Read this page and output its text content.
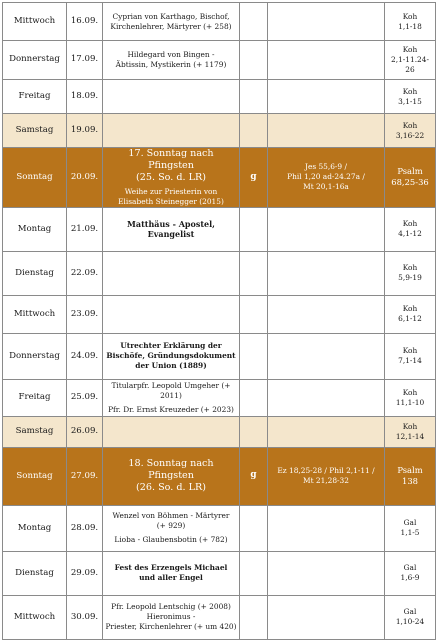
Mittwoch	16.09.	Cyprian von Karthago, Bischof,
Kirchenlehrer, Märtyrer (+ 258)			Koh
1,1-18
Donnerstag	17.09.	Hildegard von Bingen -
Äbtissin, Mystikerin (+ 1179)			Koh
2,1-11.24-26
Freitag	18.09.				Koh
3,1-15
Samstag	19.09.				Koh
3,16-22
Sonntag	20.09.	17. Sonntag nach Pfingsten
(25. So. d. LR)
Weihe zur Priesterin von
Elisabeth Steinegger (2015)	g	Jes 55,6-9 /
Phil 1,20 ad-24.27a /
Mt 20,1-16a	Psalm
68,25-36
Montag	21.09.	Matthäus - Apostel, Evangelist			Koh
4,1-12
Dienstag	22.09.				Koh
5,9-19
Mittwoch	23.09.				Koh
6,1-12
Donnerstag	24.09.	Utrechter Erklärung der
Bischöfe, Gründungsdokument
der Union (1889)			Koh
7,1-14
Freitag	25.09.	Titularpfr. Leopold Umgeher (+ 2011)
Pfr. Dr. Ernst Kreuzeder (+ 2023)			Koh
11,1-10
Samstag	26.09.				Koh
12,1-14
Sonntag	27.09.	18. Sonntag nach Pfingsten
(26. So. d. LR)	g	Ez 18,25-28 / Phil 2,1-11 /
Mt 21,28-32	Psalm
138
Montag	28.09.	Wenzel von Böhmen - Märtyrer
(+ 929)
Lioba - Glaubensbotin (+ 782)			Gal
1,1-5
Dienstag	29.09.	Fest des Erzengels Michael
und aller Engel			Gal
1,6-9
Mittwoch	30.09.	Pfr. Leopold Lentschig (+ 2008)
Hieronimus -
Priester, Kirchenlehrer (+ um 420)			Gal
1,10-24
